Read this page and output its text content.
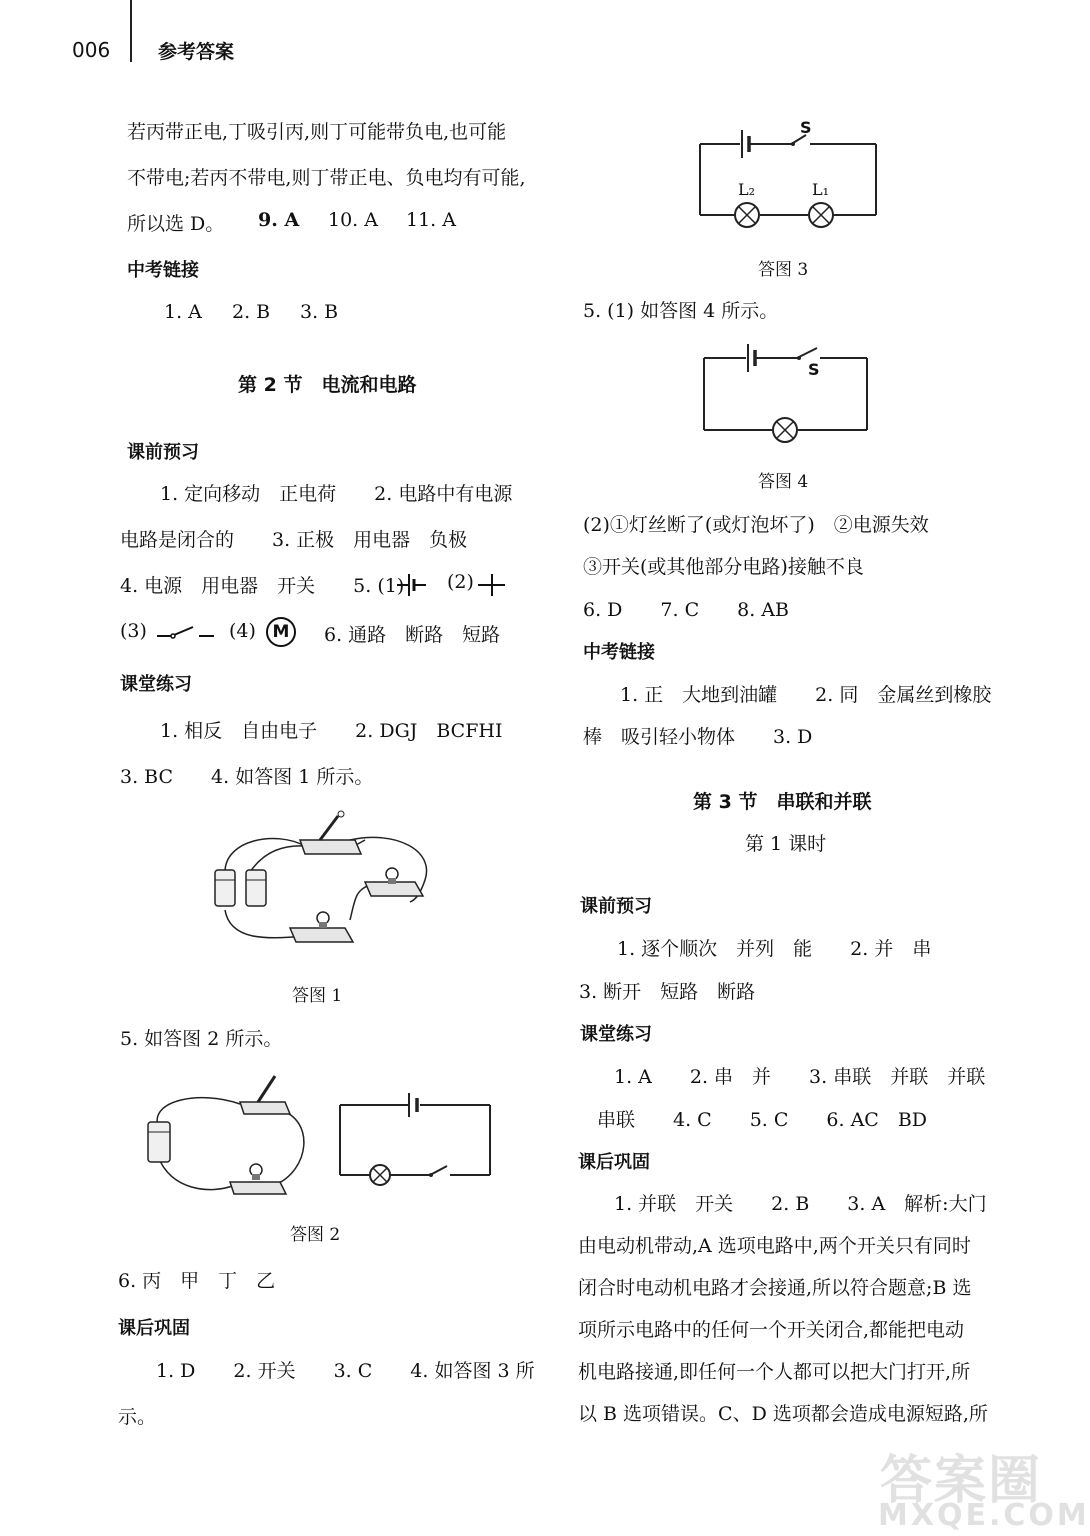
006	参考答案
若丙带正电,丁吸引丙,则丁可能带负电,也可能
不带电;若丙不带电,则丁带正电、负电均有可能,
所以选 D。 9. A 10. A 11. A
中考链接
1. A 2. B 3. B
第 2 节　电流和电路
课前预习
1. 定向移动　正电荷　　2. 电路中有电源
电路是闭合的　　3. 正极　用电器　负极
4. 电源　用电器　开关　　5. (1) (2)
(3)	(4) M	6. 通路　断路　短路
课堂练习
1. 相反　自由电子　　2. DGJ　BCFHI
3. BC　　4. 如答图 1 所示。
答图 1
5. 如答图 2 所示。
答图 2
6. 丙　甲　丁　乙
课后巩固
1. D　　2. 开关　　3. C　　4. 如答图 3 所
示。
S
L₂	L₁
答图 3
5. (1) 如答图 4 所示。
S
答图 4
(2)①灯丝断了(或灯泡坏了)　②电源失效
③开关(或其他部分电路)接触不良
6. D　　7. C　　8. AB
中考链接
1. 正　大地到油罐　　2. 同　金属丝到橡胶
棒　吸引轻小物体　　3. D
第 3 节　串联和并联
第 1 课时
课前预习
1. 逐个顺次　并列　能　　2. 并　串
3. 断开　短路　断路
课堂练习
1. A　　2. 串　并　　3. 串联　并联　并联
串联　　4. C　　5. C　　6. AC　BD
课后巩固
1. 并联　开关　　2. B　　3. A　解析:大门
由电动机带动,A 选项电路中,两个开关只有同时
闭合时电动机电路才会接通,所以符合题意;B 选
项所示电路中的任何一个开关闭合,都能把电动
机电路接通,即任何一个人都可以把大门打开,所
以 B 选项错误。C、D 选项都会造成电源短路,所
答案圈
MXQE.COM
